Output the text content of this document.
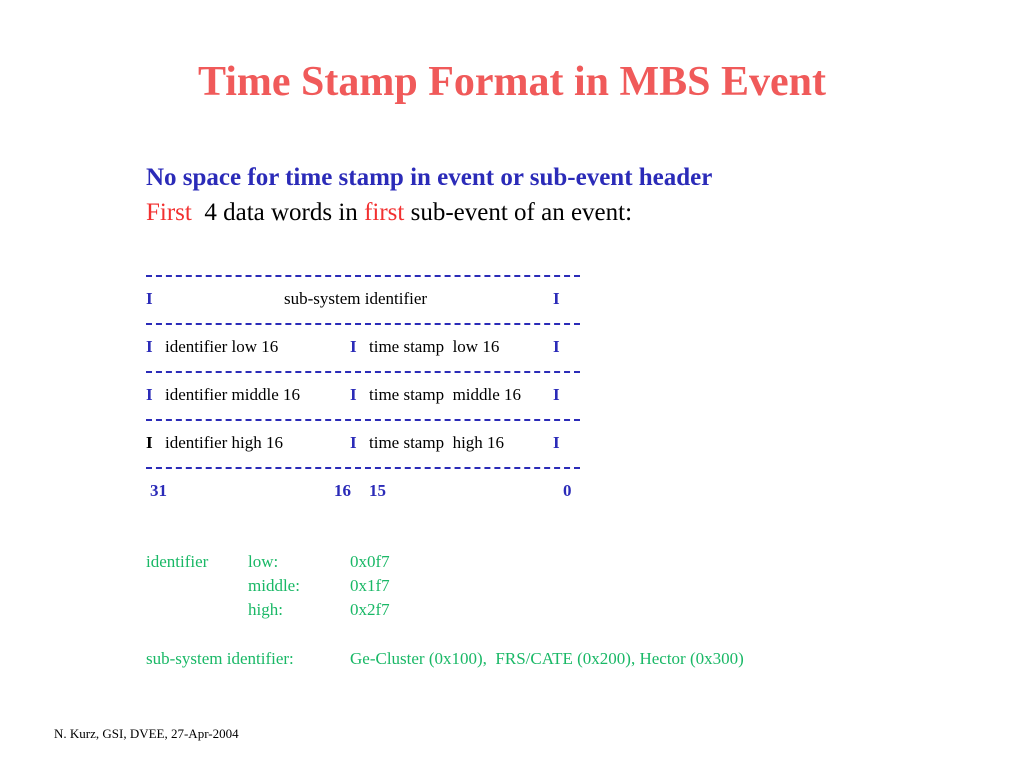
Time Stamp Format in MBS Event
No space for time stamp in event or sub-event header
First  4 data words in first sub-event of an event:
I	sub-system identifier	I
I identifier low 16	I time stamp  low 16	I
I identifier middle 16	I time stamp  middle 16 I
I identifier high 16	I time stamp  high 16	I
31	16 15	0
identifier low:	0x0f7
middle:	0x1f7
high:	0x2f7
sub-system identifier:	Ge-Cluster (0x100),  FRS/CATE (0x200), Hector (0x300)
N. Kurz, GSI, DVEE, 27-Apr-2004
